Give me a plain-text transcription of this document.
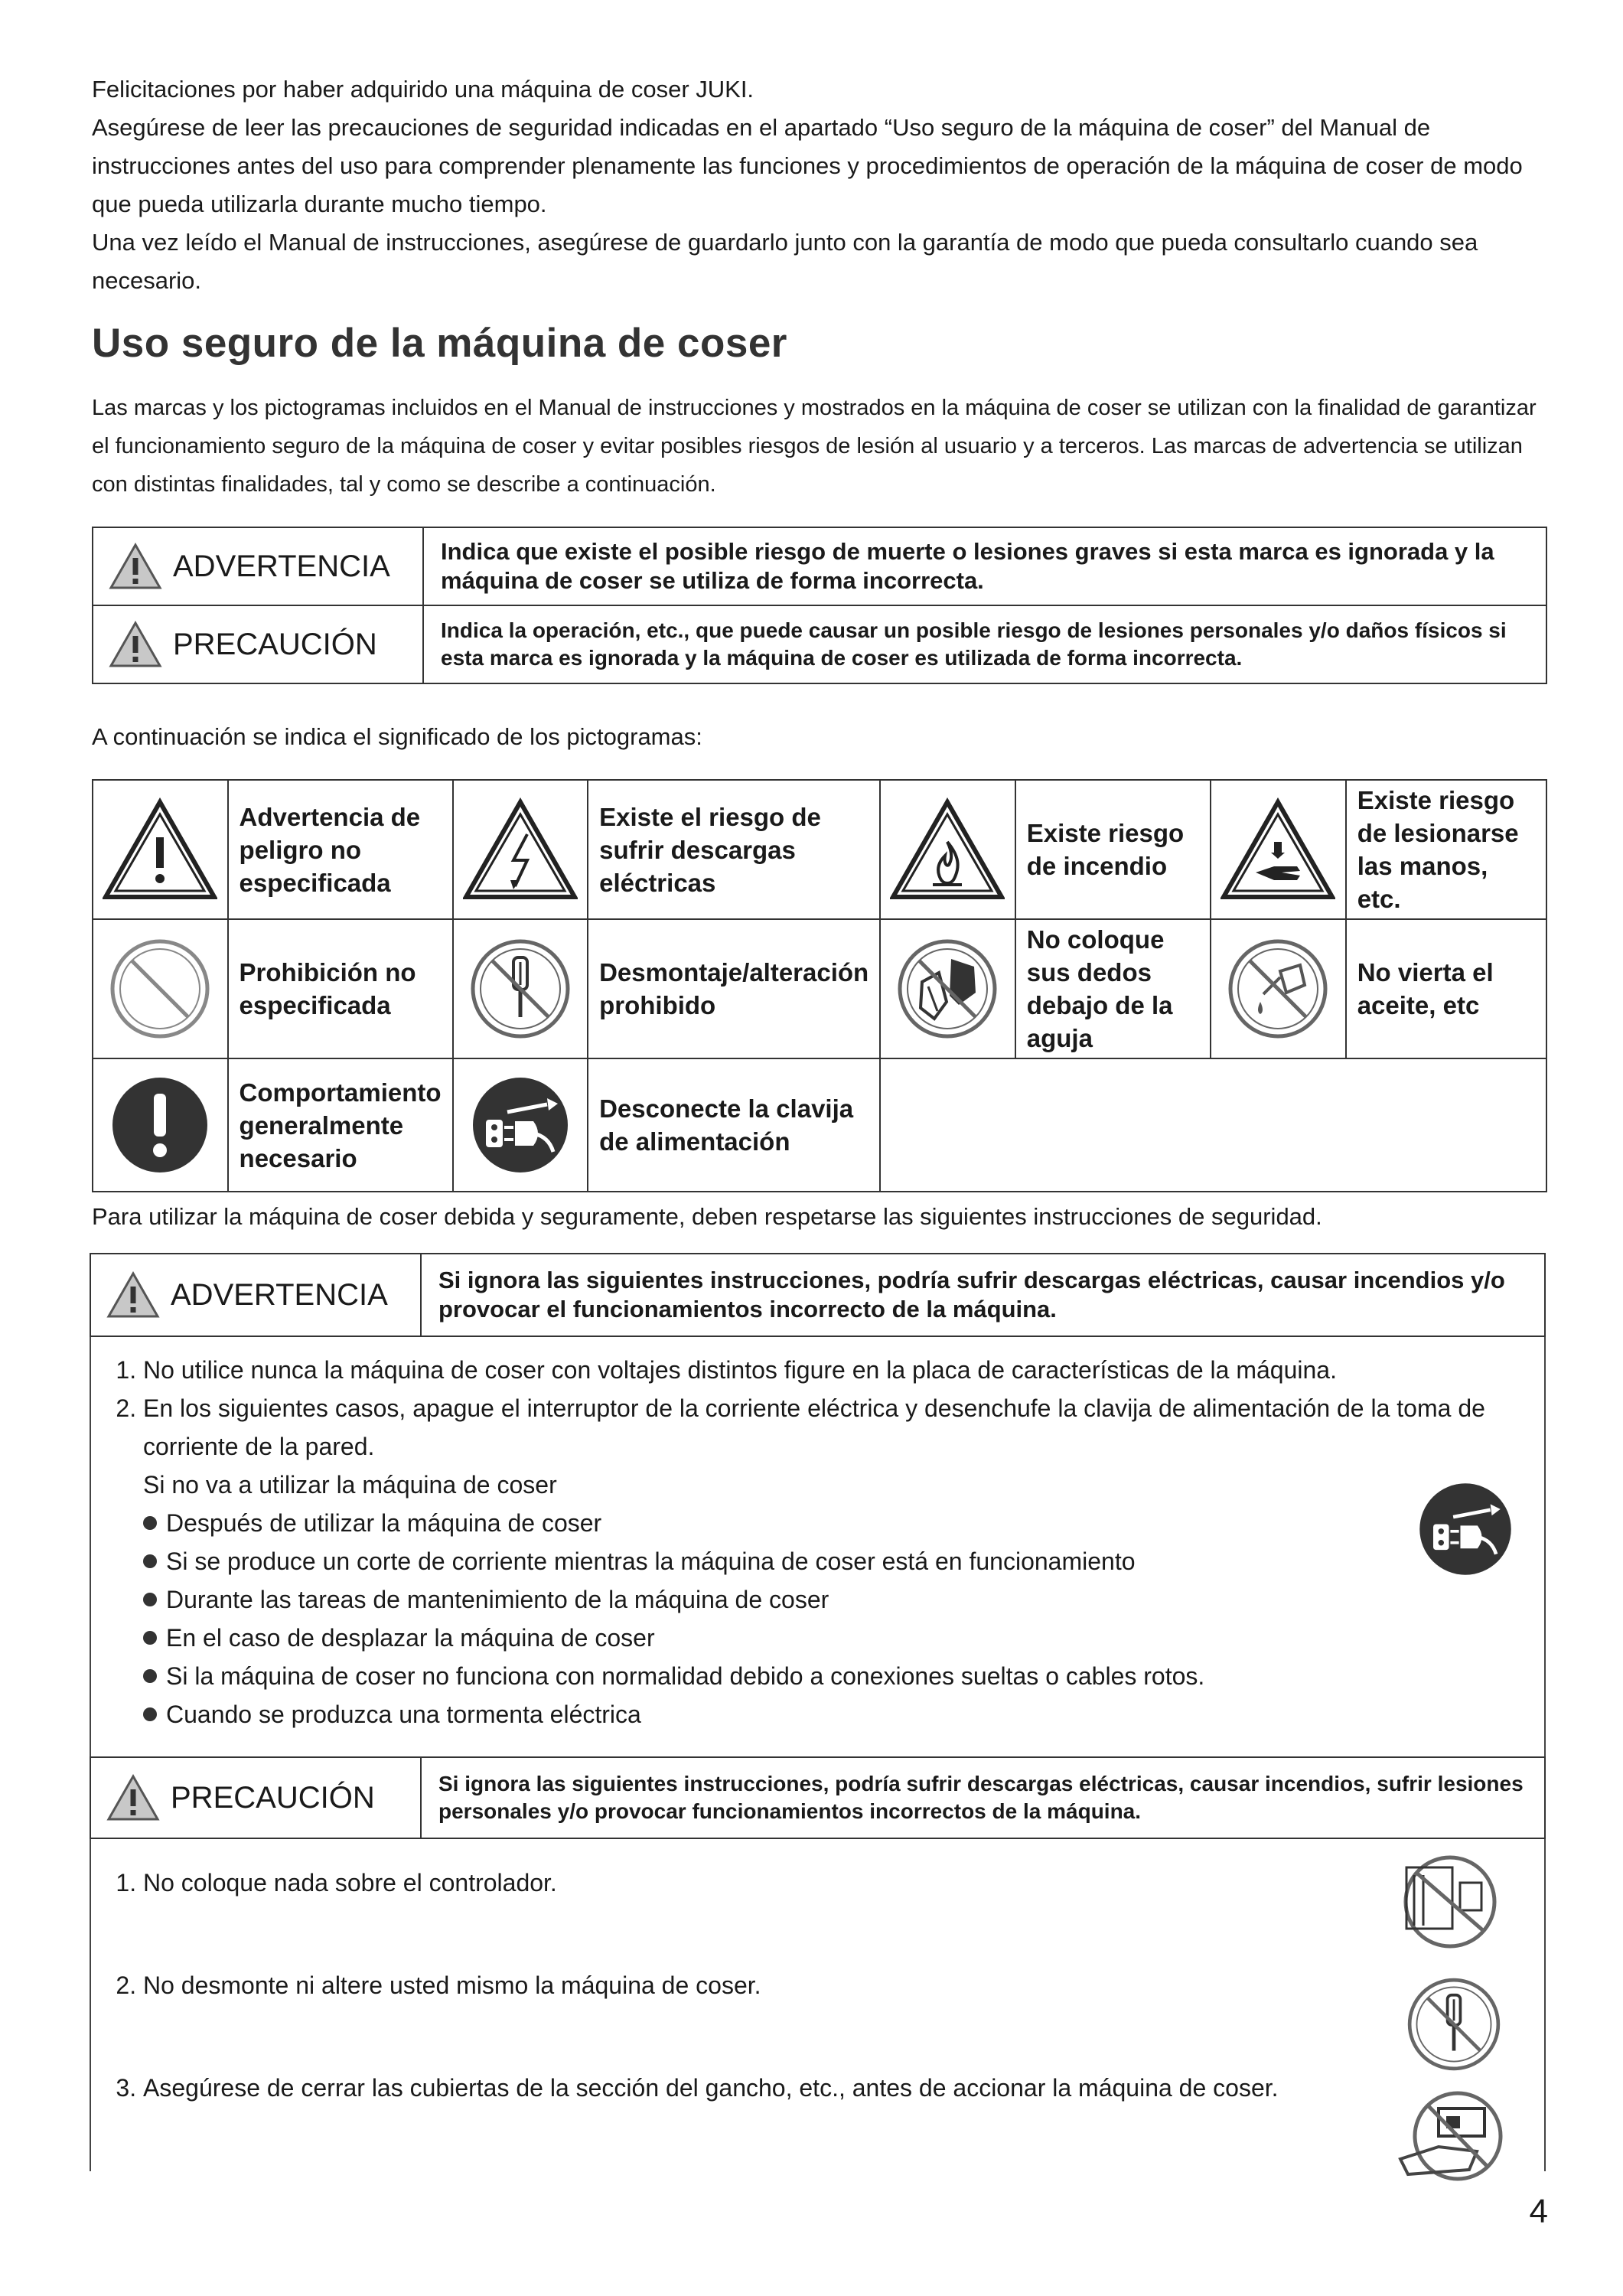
Felicitaciones por haber adquirido una máquina de coser JUKI.

Asegúrese de leer las precauciones de seguridad indicadas en el apartado “Uso seguro de la máquina de coser” del Manual de instrucciones antes del uso para comprender plenamente las funciones y procedimientos de operación de la máquina de coser de modo que pueda utilizarla durante mucho tiempo.

Una vez leído el Manual de instrucciones, asegúrese de guardarlo junto con la garantía de modo que pueda consultarlo cuando sea necesario.

Uso seguro de la máquina de coser
Las marcas y los pictogramas incluidos en el Manual de instrucciones y mostrados en la máquina de coser se utilizan con la finalidad de garantizar el funcionamiento seguro de la máquina de coser y evitar posibles riesgos de lesión al usuario y a terceros. Las marcas de advertencia se utilizan con distintas finalidades, tal y como se describe a continuación.
ADVERTENCIA	Indica que existe el posible riesgo de muerte o lesiones graves si esta marca es ignorada y la máquina de coser se utiliza de forma incorrecta.

PRECAUCIÓN	Indica la operación, etc., que puede causar un posible riesgo de lesiones personales y/o daños físicos si esta marca es ignorada y la máquina de coser es utilizada de forma incorrecta.
A continuación se indica el significado de los pictogramas:
	Advertencia de peligro no especificada		Existe el riesgo de sufrir descargas eléctricas		Existe riesgo de incendio		Existe riesgo de lesionarse las manos, etc.

	Prohibición no especificada		Desmontaje/alteración prohibido		No coloque sus dedos debajo de la aguja		No vierta el aceite, etc

	Comportamiento generalmente necesario		Desconecte la clavija de alimentación				
Para utilizar la máquina de coser debida y seguramente, deben respetarse las siguientes instrucciones de seguridad.
ADVERTENCIA	Si ignora las siguientes instrucciones, podría sufrir descargas eléctricas, causar incendios y/o provocar el funcionamientos incorrecto de la máquina.
1. No utilice nunca la máquina de coser con voltajes distintos figure en la placa de características de la máquina.
2. En los siguientes casos, apague el interruptor de la corriente eléctrica y desenchufe la clavija de alimentación de la toma de corriente de la pared.
Si no va a utilizar la máquina de coser
Después de utilizar la máquina de coser
Si se produce un corte de corriente mientras la máquina de coser está en funcionamiento
Durante las tareas de mantenimiento de la máquina de coser
En el caso de desplazar la máquina de coser
Si la máquina de coser no funciona con normalidad debido a conexiones sueltas o cables rotos.
Cuando se produzca una tormenta eléctrica
PRECAUCIÓN	Si ignora las siguientes instrucciones, podría sufrir descargas eléctricas, causar incendios, sufrir lesiones personales y/o provocar funcionamientos incorrectos de la máquina.
1. No coloque nada sobre el controlador.
2. No desmonte ni altere usted mismo la máquina de coser.
3. Asegúrese de cerrar las cubiertas de la sección del gancho, etc., antes de accionar la máquina de coser.
4
